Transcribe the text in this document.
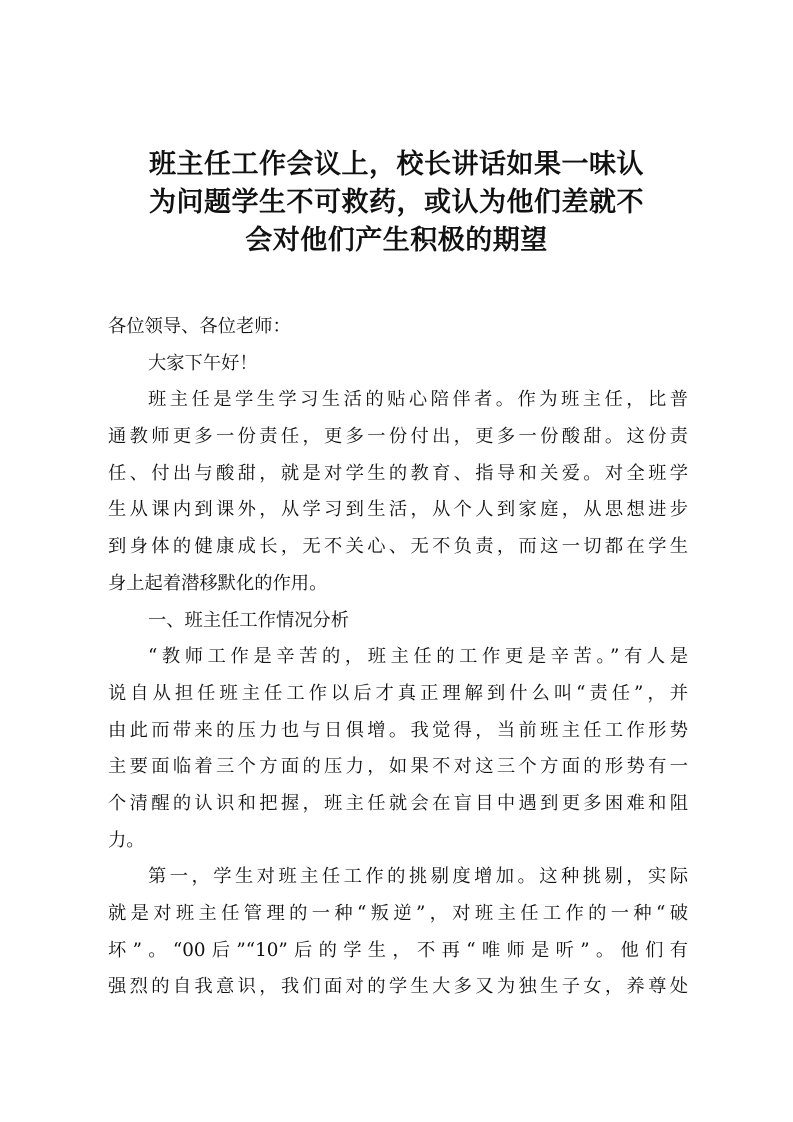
班主任工作会议上，校长讲话如果一味认
为问题学生不可救药，或认为他们差就不
会对他们产生积极的期望
各位领导、各位老师：
大家下午好！
班主任是学生学习生活的贴心陪伴者。作为班主任，比普
通教师更多一份责任，更多一份付出，更多一份酸甜。这份责
任、付出与酸甜，就是对学生的教育、指导和关爱。对全班学
生从课内到课外，从学习到生活，从个人到家庭，从思想进步
到身体的健康成长，无不关心、无不负责，而这一切都在学生
身上起着潜移默化的作用。
一、班主任工作情况分析
“教师工作是辛苦的，班主任的工作更是辛苦。”有人是
说自从担任班主任工作以后才真正理解到什么叫“责任”，并
由此而带来的压力也与日俱增。我觉得，当前班主任工作形势
主要面临着三个方面的压力，如果不对这三个方面的形势有一
个清醒的认识和把握，班主任就会在盲目中遇到更多困难和阻
力。
第一，学生对班主任工作的挑剔度增加。这种挑剔，实际
就是对班主任管理的一种“叛逆”，对班主任工作的一种“破
坏”。“00后”“10”后的学生，不再“唯师是听”。他们有
强烈的自我意识，我们面对的学生大多又为独生子女，养尊处
